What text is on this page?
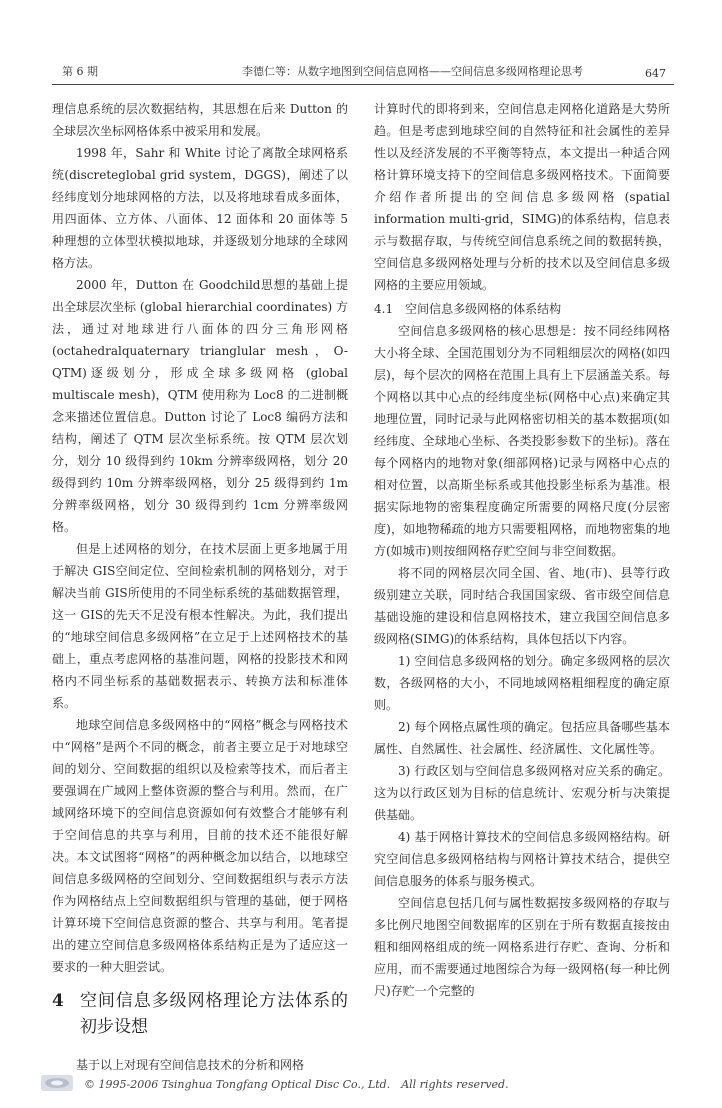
第 6 期	李德仁等：从数字地图到空间信息网格——空间信息多级网格理论思考	647

理信息系统的层次数据结构，其思想在后来 Dutton 的全球层次坐标网格体系中被采用和发展。

1998 年，Sahr 和 White 讨论了离散全球网格系统(discreteglobal grid system，DGGS)，阐述了以经纬度划分地球网格的方法，以及将地球看成多面体，用四面体、立方体、八面体、12 面体和 20 面体等 5 种理想的立体型状模拟地球，并逐级划分地球的全球网格方法。

2000 年，Dutton 在 Goodchild思想的基础上提出全球层次坐标 (global hierarchial coordinates) 方法，通过对地球进行八面体的四分三角形网格(octahedralquaternary trianglular mesh，O-QTM)逐级划分，形成全球多级网格 (global multiscale mesh)，QTM 使用称为 Loc8 的二进制概念来描述位置信息。Dutton 讨论了 Loc8 编码方法和结构，阐述了 QTM 层次坐标系统。按 QTM 层次划分，划分 10 级得到约 10km 分辨率级网格，划分 20级得到约 10m 分辨率级网格，划分 25 级得到约 1m 分辨率级网格，划分 30 级得到约 1cm 分辨率级网格。

但是上述网格的划分，在技术层面上更多地属于用于解决 GIS空间定位、空间检索机制的网格划分，对于解决当前 GIS所使用的不同坐标系统的基础数据管理，这一 GIS的先天不足没有根本性解决。为此，我们提出的“地球空间信息多级网格”在立足于上述网格技术的基础上，重点考虑网格的基准问题，网格的投影技术和网格内不同坐标系的基础数据表示、转换方法和标准体系。

地球空间信息多级网格中的“网格”概念与网格技术中“网格”是两个不同的概念，前者主要立足于对地球空间的划分、空间数据的组织以及检索等技术，而后者主要强调在广域网上整体资源的整合与利用。然而，在广域网络环境下的空间信息资源如何有效整合才能够有利于空间信息的共享与利用，目前的技术还不能很好解决。本文试图将“网格”的两种概念加以结合，以地球空间信息多级网格的空间划分、空间数据组织与表示方法作为网格结点上空间数据组织与管理的基础，便于网格计算环境下空间信息资源的整合、共享与利用。笔者提出的建立空间信息多级网格体系结构正是为了适应这一要求的一种大胆尝试。

4 空间信息多级网格理论方法体系的初步设想

基于以上对现有空间信息技术的分析和网格

计算时代的即将到来，空间信息走网格化道路是大势所趋。但是考虑到地球空间的自然特征和社会属性的差异性以及经济发展的不平衡等特点，本文提出一种适合网格计算环境支持下的空间信息多级网格技术。下面简要介绍作者所提出的空间信息多级网格 (spatial information multi-grid，SIMG)的体系结构，信息表示与数据存取，与传统空间信息系统之间的数据转换，空间信息多级网格处理与分析的技术以及空间信息多级网格的主要应用领域。

4.1　空间信息多级网格的体系结构

空间信息多级网格的核心思想是：按不同经纬网格大小将全球、全国范围划分为不同粗细层次的网格(如四层)，每个层次的网格在范围上具有上下层涵盖关系。每个网格以其中心点的经纬度坐标(网格中心点)来确定其地理位置，同时记录与此网格密切相关的基本数据项(如经纬度、全球地心坐标、各类投影参数下的坐标)。落在每个网格内的地物对象(细部网格)记录与网格中心点的相对位置，以高斯坐标系或其他投影坐标系为基准。根据实际地物的密集程度确定所需要的网格尺度(分层密度)，如地物稀疏的地方只需要粗网格，而地物密集的地方(如城市)则按细网格存贮空间与非空间数据。

将不同的网格层次同全国、省、地(市)、县等行政级别建立关联，同时结合我国国家级、省市级空间信息基础设施的建设和信息网格技术，建立我国空间信息多级网格(SIMG)的体系结构，具体包括以下内容。

1) 空间信息多级网格的划分。确定多级网格的层次数，各级网格的大小，不同地域网格粗细程度的确定原则。

2) 每个网格点属性项的确定。包括应具备哪些基本属性、自然属性、社会属性、经济属性、文化属性等。

3) 行政区划与空间信息多级网格对应关系的确定。这为以行政区划为目标的信息统计、宏观分析与决策提供基础。

4) 基于网格计算技术的空间信息多级网格结构。研究空间信息多级网格结构与网格计算技术结合，提供空间信息服务的体系与服务模式。

空间信息包括几何与属性数据按多级网格的存取与多比例尺地图空间数据库的区别在于所有数据直接按由粗和细网格组成的统一网格系进行存贮、查询、分析和应用，而不需要通过地图综合为每一级网格(每一种比例尺)存贮一个完整的

© 1995-2006 Tsinghua Tongfang Optical Disc Co., Ltd.　All rights reserved.
